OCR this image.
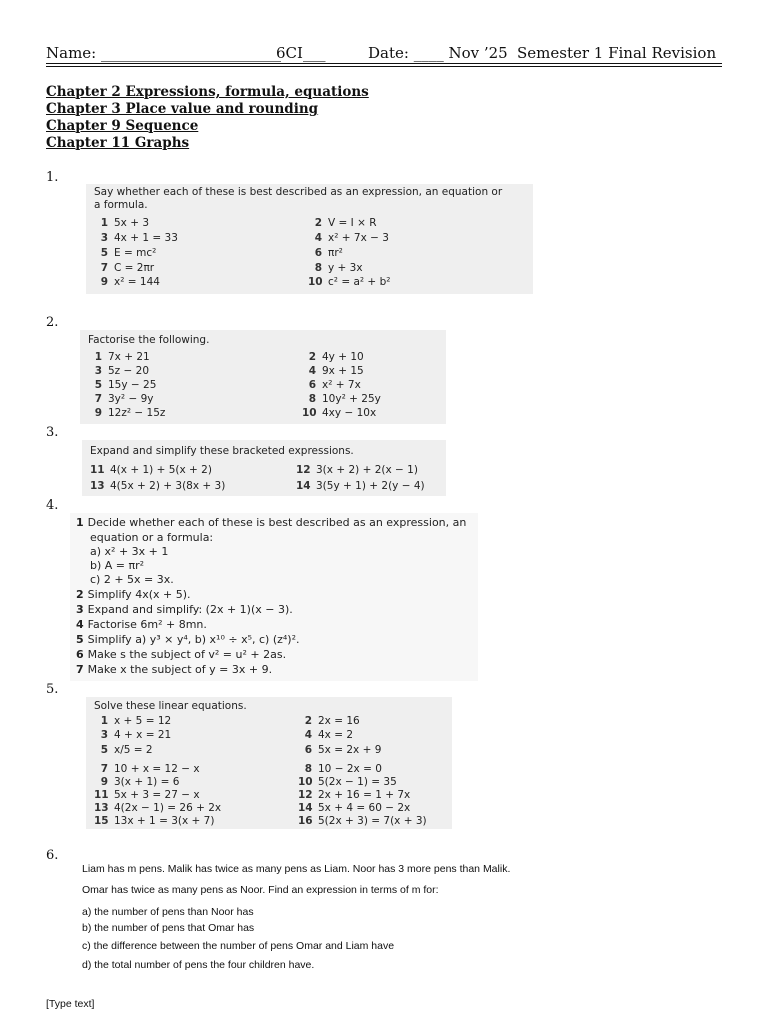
Name: ________________________
6CI___	Date: ____ Nov ’25 Semester 1 Final Revision
Chapter 2 Expressions, formula, equations
Chapter 3 Place value and rounding
Chapter 9 Sequence
Chapter 11 Graphs
1.
Say whether each of these is best described as an expression, an equation or
a formula.
1 5x + 3	2 V = I × R
3 4x + 1 = 33	4 x² + 7x − 3
5 E = mc²	6 πr²
7 C = 2πr	8 y + 3x
9 x² = 144	10 c² = a² + b²
2.
Factorise the following.
1 7x + 21	2 4y + 10
3 5z − 20	4 9x + 15
5 15y − 25	6 x² + 7x
7 3y² − 9y	8 10y² + 25y
9 12z² − 15z	10 4xy − 10x
3.
Expand and simplify these bracketed expressions.
11 4(x + 1) + 5(x + 2)	12 3(x + 2) + 2(x − 1)
13 4(5x + 2) + 3(8x + 3)	14 3(5y + 1) + 2(y − 4)
4.
1 Decide whether each of these is best described as an expression, an
equation or a formula:
a) x² + 3x + 1
b) A = πr²
c) 2 + 5x = 3x.
2 Simplify 4x(x + 5).
3 Expand and simplify: (2x + 1)(x − 3).
4 Factorise 6m² + 8mn.
5 Simplify a) y³ × y⁴, b) x¹⁰ ÷ x⁵, c) (z⁴)².
6 Make s the subject of v² = u² + 2as.
7 Make x the subject of y = 3x + 9.
5.
Solve these linear equations.
1 x + 5 = 12	2 2x = 16
3 4 + x = 21	4 4x = 2
5 x/5 = 2	6 5x = 2x + 9
7 10 + x = 12 − x	8 10 − 2x = 0
9 3(x + 1) = 6	10 5(2x − 1) = 35
11 5x + 3 = 27 − x	12 2x + 16 = 1 + 7x
13 4(2x − 1) = 26 + 2x	14 5x + 4 = 60 − 2x
15 13x + 1 = 3(x + 7)	16 5(2x + 3) = 7(x + 3)
6.
Liam has m pens. Malik has twice as many pens as Liam. Noor has 3 more pens than Malik.
Omar has twice as many pens as Noor. Find an expression in terms of m for:
a) the number of pens than Noor has
b) the number of pens that Omar has
c) the difference between the number of pens Omar and Liam have
d) the total number of pens the four children have.
[Type text]
